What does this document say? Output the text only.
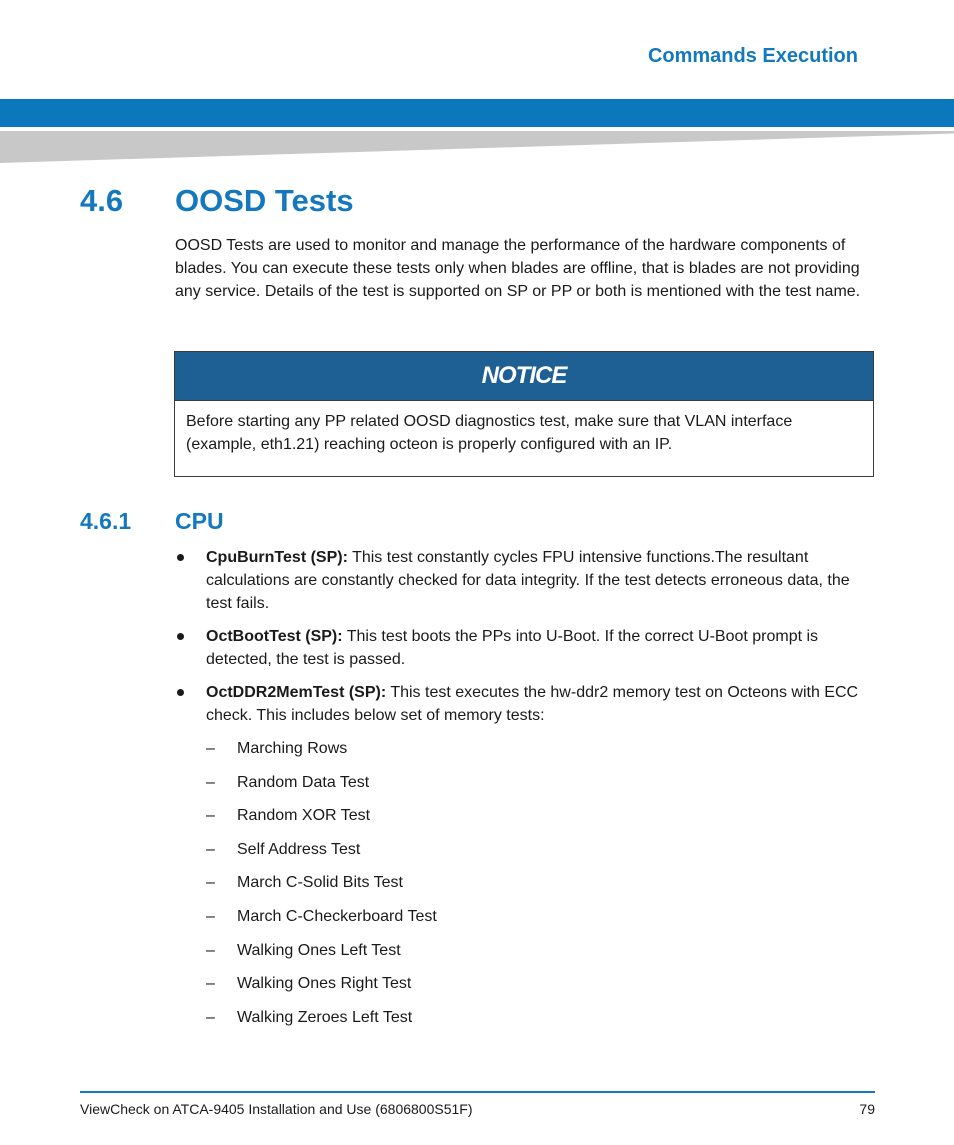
Commands Execution
4.6 OOSD Tests

OOSD Tests are used to monitor and manage the performance of the hardware components of blades. You can execute these tests only when blades are offline, that is blades are not providing any service. Details of the test is supported on SP or PP or both is mentioned with the test name.

NOTICE
Before starting any PP related OOSD diagnostics test, make sure that VLAN interface (example, eth1.21) reaching octeon is properly configured with an IP.
4.6.1 CPU
CpuBurnTest (SP): This test constantly cycles FPU intensive functions.The resultant calculations are constantly checked for data integrity. If the test detects erroneous data, the test fails.
OctBootTest (SP): This test boots the PPs into U-Boot. If the correct U-Boot prompt is detected, the test is passed.
OctDDR2MemTest (SP): This test executes the hw-ddr2 memory test on Octeons with ECC check. This includes below set of memory tests:
– Marching Rows
– Random Data Test
– Random XOR Test
– Self Address Test
– March C-Solid Bits Test
– March C-Checkerboard Test
– Walking Ones Left Test
– Walking Ones Right Test
– Walking Zeroes Left Test
ViewCheck on ATCA-9405 Installation and Use (6806800S51F)	79
